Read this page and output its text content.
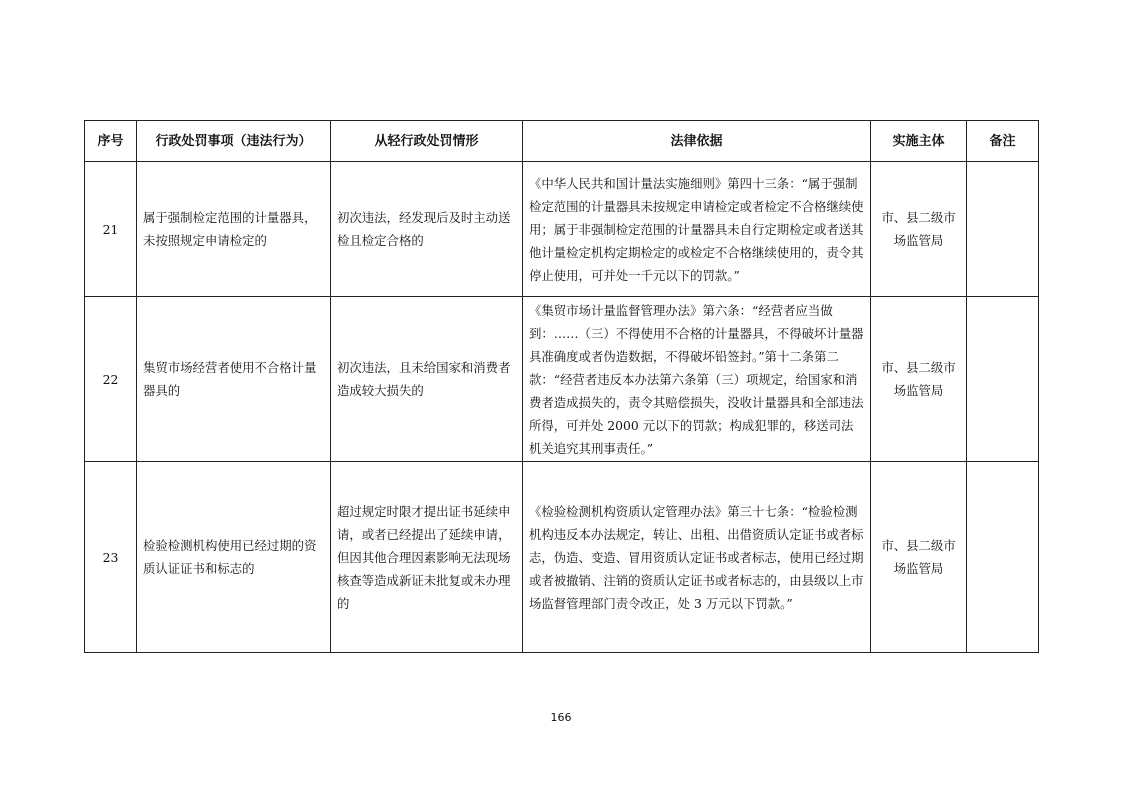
序号	行政处罚事项（违法行为）	从轻行政处罚情形	法律依据	实施主体	备注
21	属于强制检定范围的计量器具，未按照规定申请检定的	初次违法，经发现后及时主动送检且检定合格的	《中华人民共和国计量法实施细则》第四十三条：“属于强制检定范围的计量器具未按规定申请检定或者检定不合格继续使用；属于非强制检定范围的计量器具未自行定期检定或者送其他计量检定机构定期检定的或检定不合格继续使用的，责令其停止使用，可并处一千元以下的罚款。”	市、县二级市场监管局	
22	集贸市场经营者使用不合格计量器具的	初次违法，且未给国家和消费者造成较大损失的	《集贸市场计量监督管理办法》第六条：“经营者应当做到：……（三）不得使用不合格的计量器具，不得破坏计量器具准确度或者伪造数据，不得破坏铅签封。”第十二条第二款：“经营者违反本办法第六条第（三）项规定，给国家和消费者造成损失的，责令其赔偿损失，没收计量器具和全部违法所得，可并处 2000 元以下的罚款；构成犯罪的，移送司法机关追究其刑事责任。”	市、县二级市场监管局	
23	检验检测机构使用已经过期的资质认证证书和标志的	超过规定时限才提出证书延续申请，或者已经提出了延续申请，但因其他合理因素影响无法现场核查等造成新证未批复或未办理的	《检验检测机构资质认定管理办法》第三十七条：“检验检测机构违反本办法规定，转让、出租、出借资质认定证书或者标志，伪造、变造、冒用资质认定证书或者标志，使用已经过期或者被撤销、注销的资质认定证书或者标志的，由县级以上市场监督管理部门责令改正，处 3 万元以下罚款。”	市、县二级市场监管局	
166
